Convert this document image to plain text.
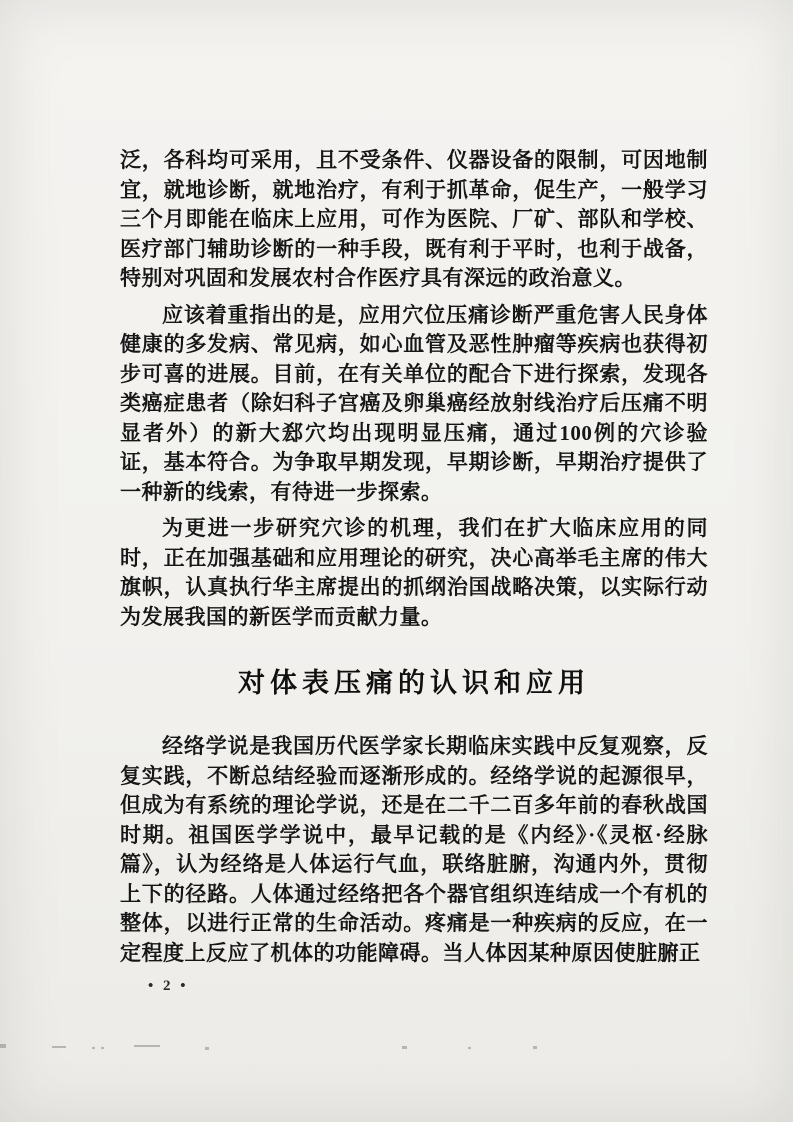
泛，各科均可采用，且不受条件、仪器设备的限制，可因地制宜，就地诊断，就地治疗，有利于抓革命，促生产，一般学习三个月即能在临床上应用，可作为医院、厂矿、部队和学校、医疗部门辅助诊断的一种手段，既有利于平时，也利于战备，特别对巩固和发展农村合作医疗具有深远的政治意义。

应该着重指出的是，应用穴位压痛诊断严重危害人民身体健康的多发病、常见病，如心血管及恶性肿瘤等疾病也获得初步可喜的进展。目前，在有关单位的配合下进行探索，发现各类癌症患者（除妇科子宫癌及卵巢癌经放射线治疗后压痛不明显者外）的新大郄穴均出现明显压痛，通过100例的穴诊验证，基本符合。为争取早期发现，早期诊断，早期治疗提供了一种新的线索，有待进一步探索。

为更进一步研究穴诊的机理，我们在扩大临床应用的同时，正在加强基础和应用理论的研究，决心高举毛主席的伟大旗帜，认真执行华主席提出的抓纲治国战略决策，以实际行动为发展我国的新医学而贡献力量。

对体表压痛的认识和应用

经络学说是我国历代医学家长期临床实践中反复观察，反复实践，不断总结经验而逐渐形成的。经络学说的起源很早，但成为有系统的理论学说，还是在二千二百多年前的春秋战国时期。祖国医学学说中，最早记载的是《内经》·《灵枢·经脉篇》，认为经络是人体运行气血，联络脏腑，沟通内外，贯彻上下的径路。人体通过经络把各个器官组织连结成一个有机的整体，以进行正常的生命活动。疼痛是一种疾病的反应，在一定程度上反应了机体的功能障碍。当人体因某种原因使脏腑正

• 2 •
